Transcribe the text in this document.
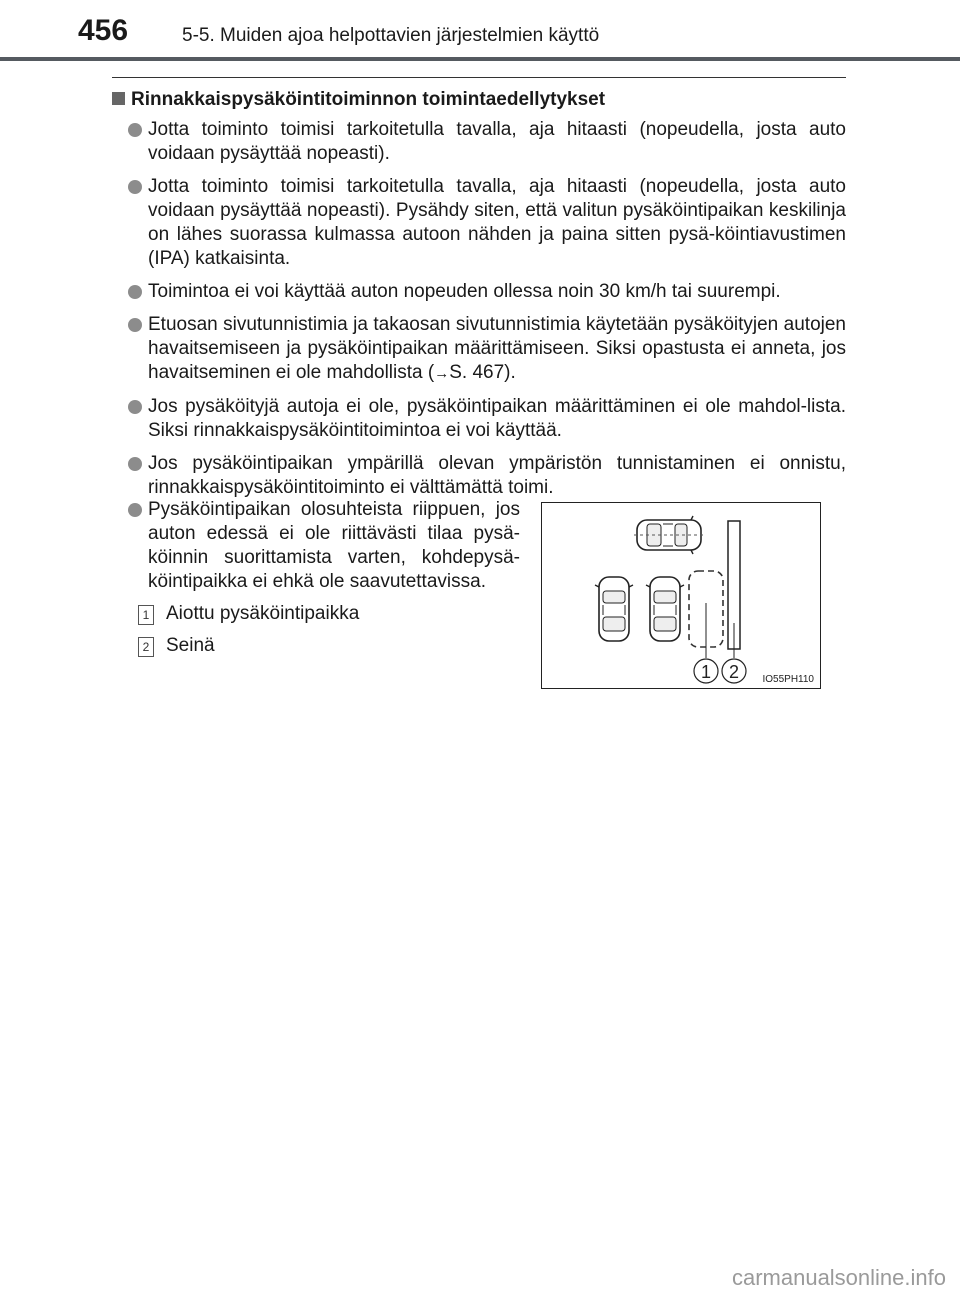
456	5-5. Muiden ajoa helpottavien järjestelmien käyttö
Rinnakkaispysäköintitoiminnon toimintaedellytykset
Jotta toiminto toimisi tarkoitetulla tavalla, aja hitaasti (nopeudella, josta auto voidaan pysäyttää nopeasti).
Jotta toiminto toimisi tarkoitetulla tavalla, aja hitaasti (nopeudella, josta auto voidaan pysäyttää nopeasti). Pysähdy siten, että valitun pysäköintipaikan keskilinja on lähes suorassa kulmassa autoon nähden ja paina sitten pysä-köintiavustimen (IPA) katkaisinta.
Toimintoa ei voi käyttää auton nopeuden ollessa noin 30 km/h tai suurempi.
Etuosan sivutunnistimia ja takaosan sivutunnistimia käytetään pysäköityjen autojen havaitsemiseen ja pysäköintipaikan määrittämiseen. Siksi opastusta ei anneta, jos havaitseminen ei ole mahdollista (→S. 467).
Jos pysäköityjä autoja ei ole, pysäköintipaikan määrittäminen ei ole mahdol-lista. Siksi rinnakkaispysäköintitoimintoa ei voi käyttää.
Jos pysäköintipaikan ympärillä olevan ympäristön tunnistaminen ei onnistu, rinnakkaispysäköintitoiminto ei välttämättä toimi.
Pysäköintipaikan olosuhteista riippuen, jos auton edessä ei ole riittävästi tilaa pysä-köinnin suorittamista varten, kohdepysä-köintipaikka ei ehkä ole saavutettavissa.
1 Aiottu pysäköintipaikka
2 Seinä
1 2 IO55PH110
carmanualsonline.info
